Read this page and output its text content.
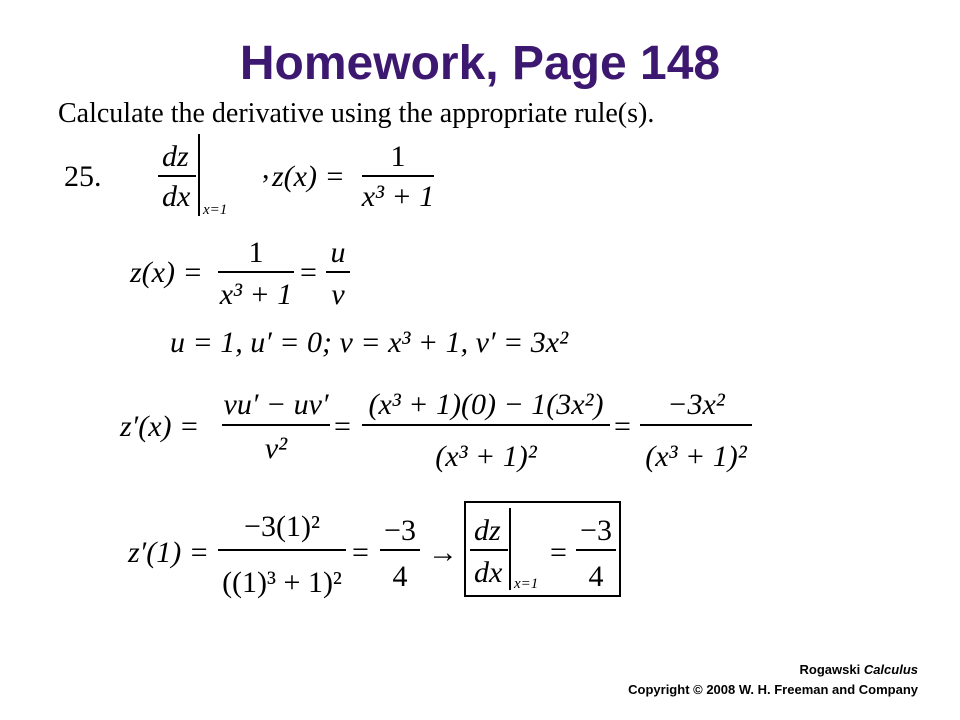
Homework, Page 148
Calculate the derivative using the appropriate rule(s).
25.
dz
dx x=1
, z(x) =
1
x³ + 1
z(x) =
1
x³ + 1
=
u
v
u = 1, u′ = 0; v = x³ + 1, v′ = 3x²
z′(x) =
vu′ − uv′
v²
=
(x³ + 1)(0) − 1(3x²)
(x³ + 1)²
=
−3x²
(x³ + 1)²
z′(1) =
−3(1)²
((1)³ + 1)²
=
−3
4
→
dz
dx x=1
=
−3
4
Rogawski Calculus
Copyright © 2008 W. H. Freeman and Company
